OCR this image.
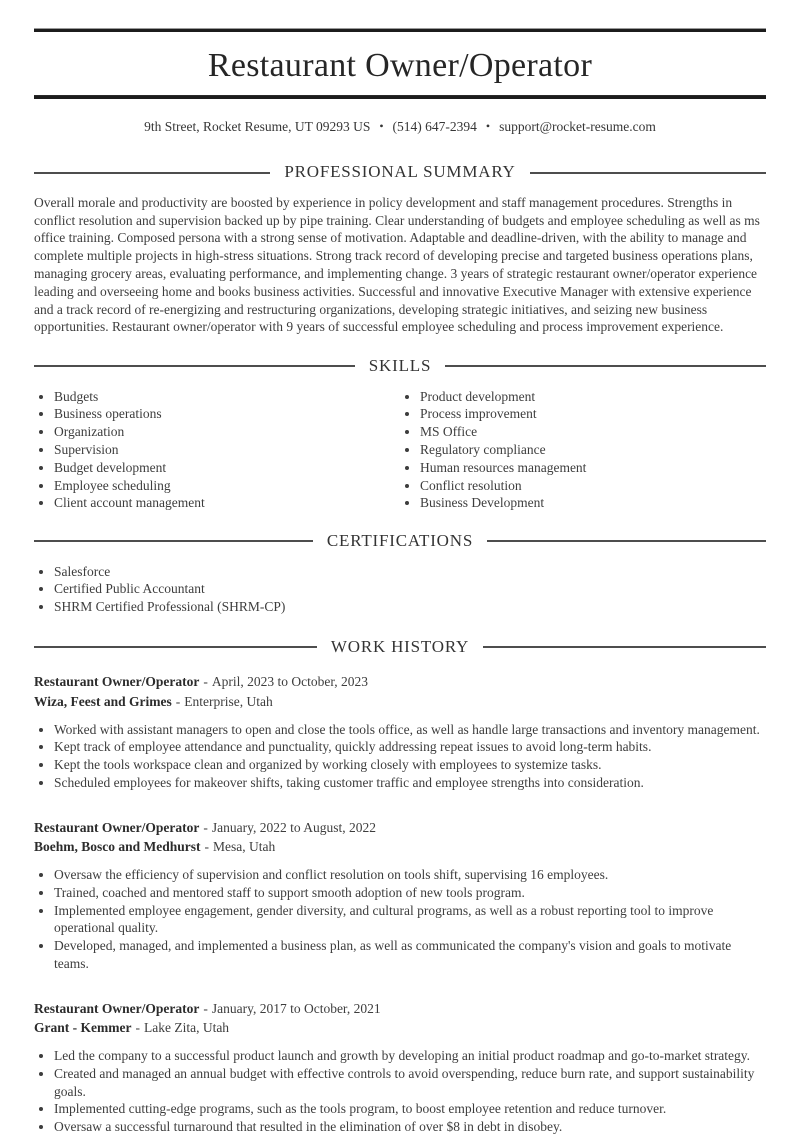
Restaurant Owner/Operator
9th Street, Rocket Resume, UT 09293 US • (514) 647-2394 • support@rocket-resume.com
PROFESSIONAL SUMMARY

Overall morale and productivity are boosted by experience in policy development and staff management procedures. Strengths in conflict resolution and supervision backed up by pipe training. Clear understanding of budgets and employee scheduling as well as ms office training. Composed persona with a strong sense of motivation. Adaptable and deadline-driven, with the ability to manage and complete multiple projects in high-stress situations. Strong track record of developing precise and targeted business operations plans, managing grocery areas, evaluating performance, and implementing change. 3 years of strategic restaurant owner/operator experience leading and overseeing home and books business activities. Successful and innovative Executive Manager with extensive experience and a track record of re-energizing and restructuring organizations, developing strategic initiatives, and seizing new business opportunities. Restaurant owner/operator with 9 years of successful employee scheduling and process improvement experience.

SKILLS
• Budgets
• Business operations
• Organization
• Supervision
• Budget development
• Employee scheduling
• Client account management
• Product development
• Process improvement
• MS Office
• Regulatory compliance
• Human resources management
• Conflict resolution
• Business Development
CERTIFICATIONS
• Salesforce
• Certified Public Accountant
• SHRM Certified Professional (SHRM-CP)
WORK HISTORY
Restaurant Owner/Operator - April, 2023 to October, 2023
Wiza, Feest and Grimes - Enterprise, Utah
• Worked with assistant managers to open and close the tools office, as well as handle large transactions and inventory management.
• Kept track of employee attendance and punctuality, quickly addressing repeat issues to avoid long-term habits.
• Kept the tools workspace clean and organized by working closely with employees to systemize tasks.
• Scheduled employees for makeover shifts, taking customer traffic and employee strengths into consideration.
Restaurant Owner/Operator - January, 2022 to August, 2022
Boehm, Bosco and Medhurst - Mesa, Utah
• Oversaw the efficiency of supervision and conflict resolution on tools shift, supervising 16 employees.
• Trained, coached and mentored staff to support smooth adoption of new tools program.
• Implemented employee engagement, gender diversity, and cultural programs, as well as a robust reporting tool to improve operational quality.
• Developed, managed, and implemented a business plan, as well as communicated the company's vision and goals to motivate teams.
Restaurant Owner/Operator - January, 2017 to October, 2021
Grant - Kemmer - Lake Zita, Utah
• Led the company to a successful product launch and growth by developing an initial product roadmap and go-to-market strategy.
• Created and managed an annual budget with effective controls to avoid overspending, reduce burn rate, and support sustainability goals.
• Implemented cutting-edge programs, such as the tools program, to boost employee retention and reduce turnover.
• Oversaw a successful turnaround that resulted in the elimination of over $8 in debt in disobey.
